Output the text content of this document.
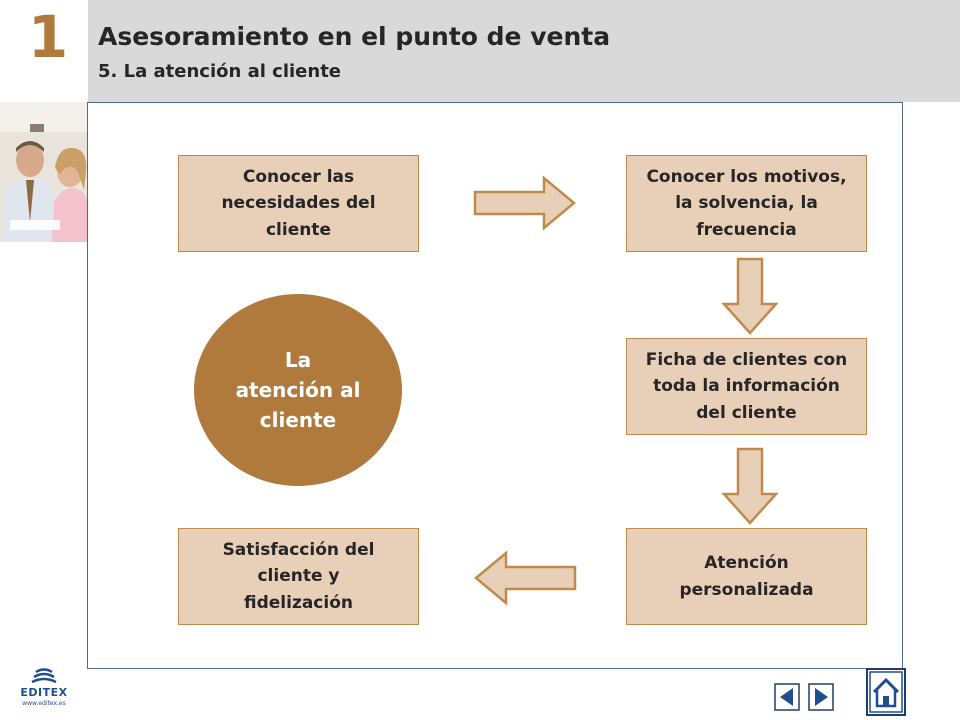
1	Asesoramiento en el punto de venta
5. La atención al cliente
Conocer las
necesidades del
cliente
Conocer los motivos,
la solvencia, la
frecuencia
Ficha de clientes con
toda la información
del cliente
Atención
personalizada
Satisfacción del
cliente y
fidelización
La
atención al
cliente
EDITEX
www.editex.es
